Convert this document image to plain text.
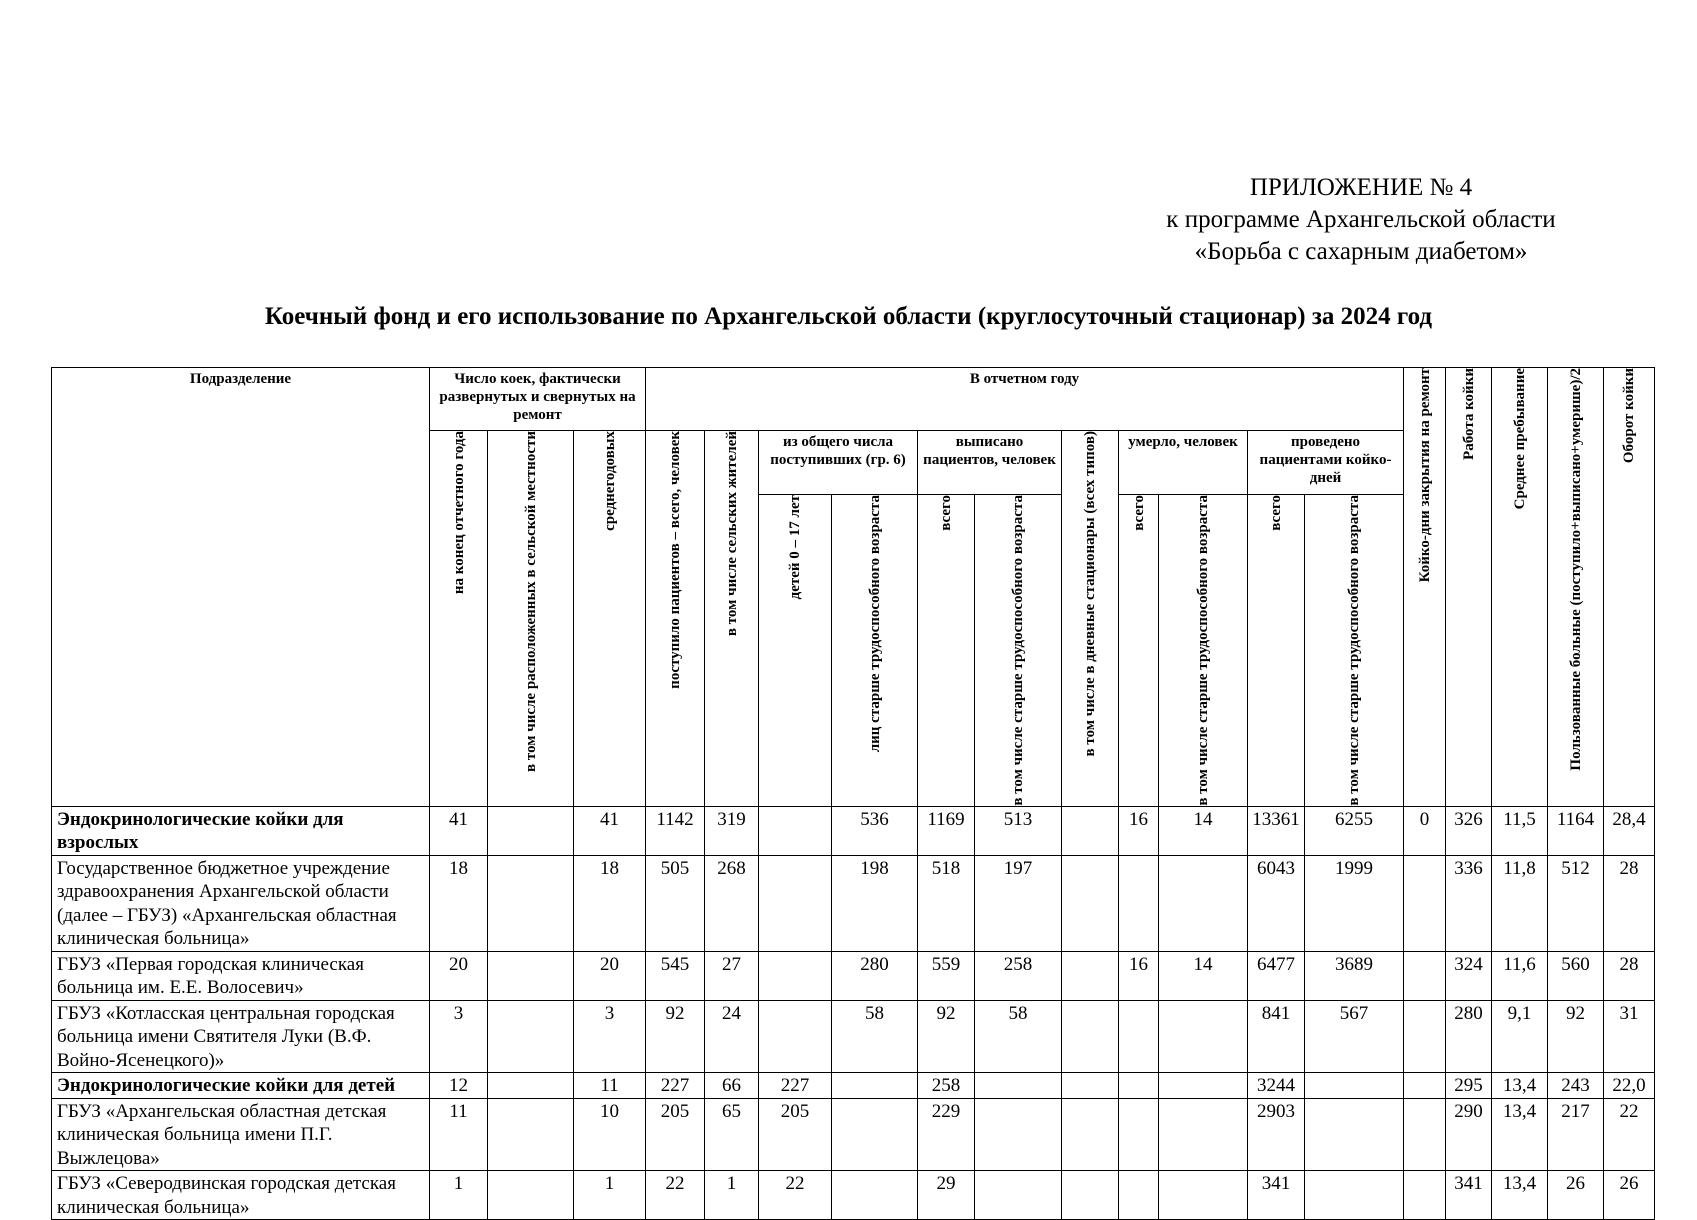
ПРИЛОЖЕНИЕ № 4
к программе Архангельской области
«Борьба с сахарным диабетом»
Коечный фонд и его использование по Архангельской области (круглосуточный стационар) за 2024 год
Подразделение	Число коек, фактически развернутых и свернутых на ремонт			В отчетном году											Койко-дни закрытия на ремонт	Работа койки	Среднее пребывание	Пользованные больные (поступило+выписано+умерише)/2	Оборот койки

	на конец отчетного года	в том числе расположенных в сельской местности	среднегодовых	поступило пациентов – всего, человек	в том числе сельских жителей	из общего числа поступивших (гр. 6)		выписано пациентов, человек		в том числе в дневные стационары (всех типов)	умерло, человек		проведено пациентами койко-дней						

						детей 0 – 17 лет	лиц старше трудоспособного возраста	всего	в том числе старше трудоспособного возраста		всего	в том числе старше трудоспособного возраста	всего	в том числе старше трудоспособного возраста					

Эндокринологические койки для взрослых	41		41	1142	319		536	1169	513		16	14	13361	6255	0	326	11,5	1164	28,4
Государственное бюджетное учреждение здравоохранения Архангельской области (далее – ГБУЗ) «Архангельская областная клиническая больница»	18		18	505	268		198	518	197				6043	1999		336	11,8	512	28
ГБУЗ «Первая городская клиническая больница им. Е.Е. Волосевич»	20		20	545	27		280	559	258		16	14	6477	3689		324	11,6	560	28
ГБУЗ «Котласская центральная городская больница имени Святителя Луки (В.Ф. Войно-Ясенецкого)»	3		3	92	24		58	92	58				841	567		280	9,1	92	31
Эндокринологические койки для детей	12		11	227	66	227		258					3244			295	13,4	243	22,0
ГБУЗ «Архангельская областная детская клиническая больница имени П.Г. Выжлецова»	11		10	205	65	205		229					2903			290	13,4	217	22
ГБУЗ «Северодвинская городская детская клиническая больница»	1		1	22	1	22		29					341			341	13,4	26	26
